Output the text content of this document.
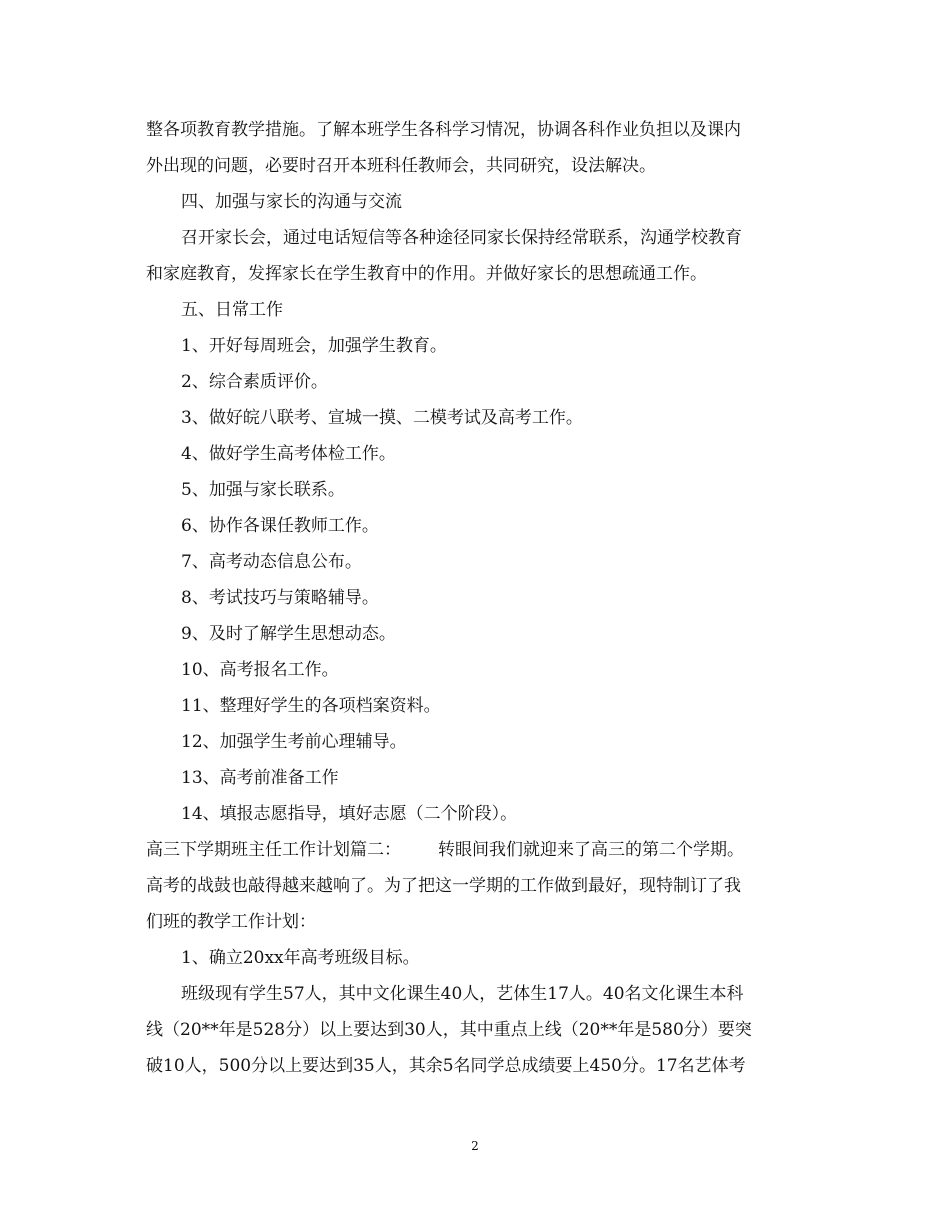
整各项教育教学措施。了解本班学生各科学习情况，协调各科作业负担以及课内

外出现的问题，必要时召开本班科任教师会，共同研究，设法解决。

四、加强与家长的沟通与交流

召开家长会，通过电话短信等各种途径同家长保持经常联系，沟通学校教育

和家庭教育，发挥家长在学生教育中的作用。并做好家长的思想疏通工作。

五、日常工作

1、开好每周班会，加强学生教育。

2、综合素质评价。

3、做好皖八联考、宣城一摸、二模考试及高考工作。

4、做好学生高考体检工作。

5、加强与家长联系。

6、协作各课任教师工作。

7、高考动态信息公布。

8、考试技巧与策略辅导。

9、及时了解学生思想动态。

10、高考报名工作。

11、整理好学生的各项档案资料。

12、加强学生考前心理辅导。

13、高考前准备工作

14、填报志愿指导，填好志愿（二个阶段）。

高三下学期班主任工作计划篇二： 转眼间我们就迎来了高三的第二个学期。

高考的战鼓也敲得越来越响了。为了把这一学期的工作做到最好，现特制订了我

们班的教学工作计划：

1、确立20xx年高考班级目标。

班级现有学生57人，其中文化课生40人，艺体生17人。40名文化课生本科

线（20**年是528分）以上要达到30人，其中重点上线（20**年是580分）要突

破10人，500分以上要达到35人，其余5名同学总成绩要上450分。17名艺体考

2
